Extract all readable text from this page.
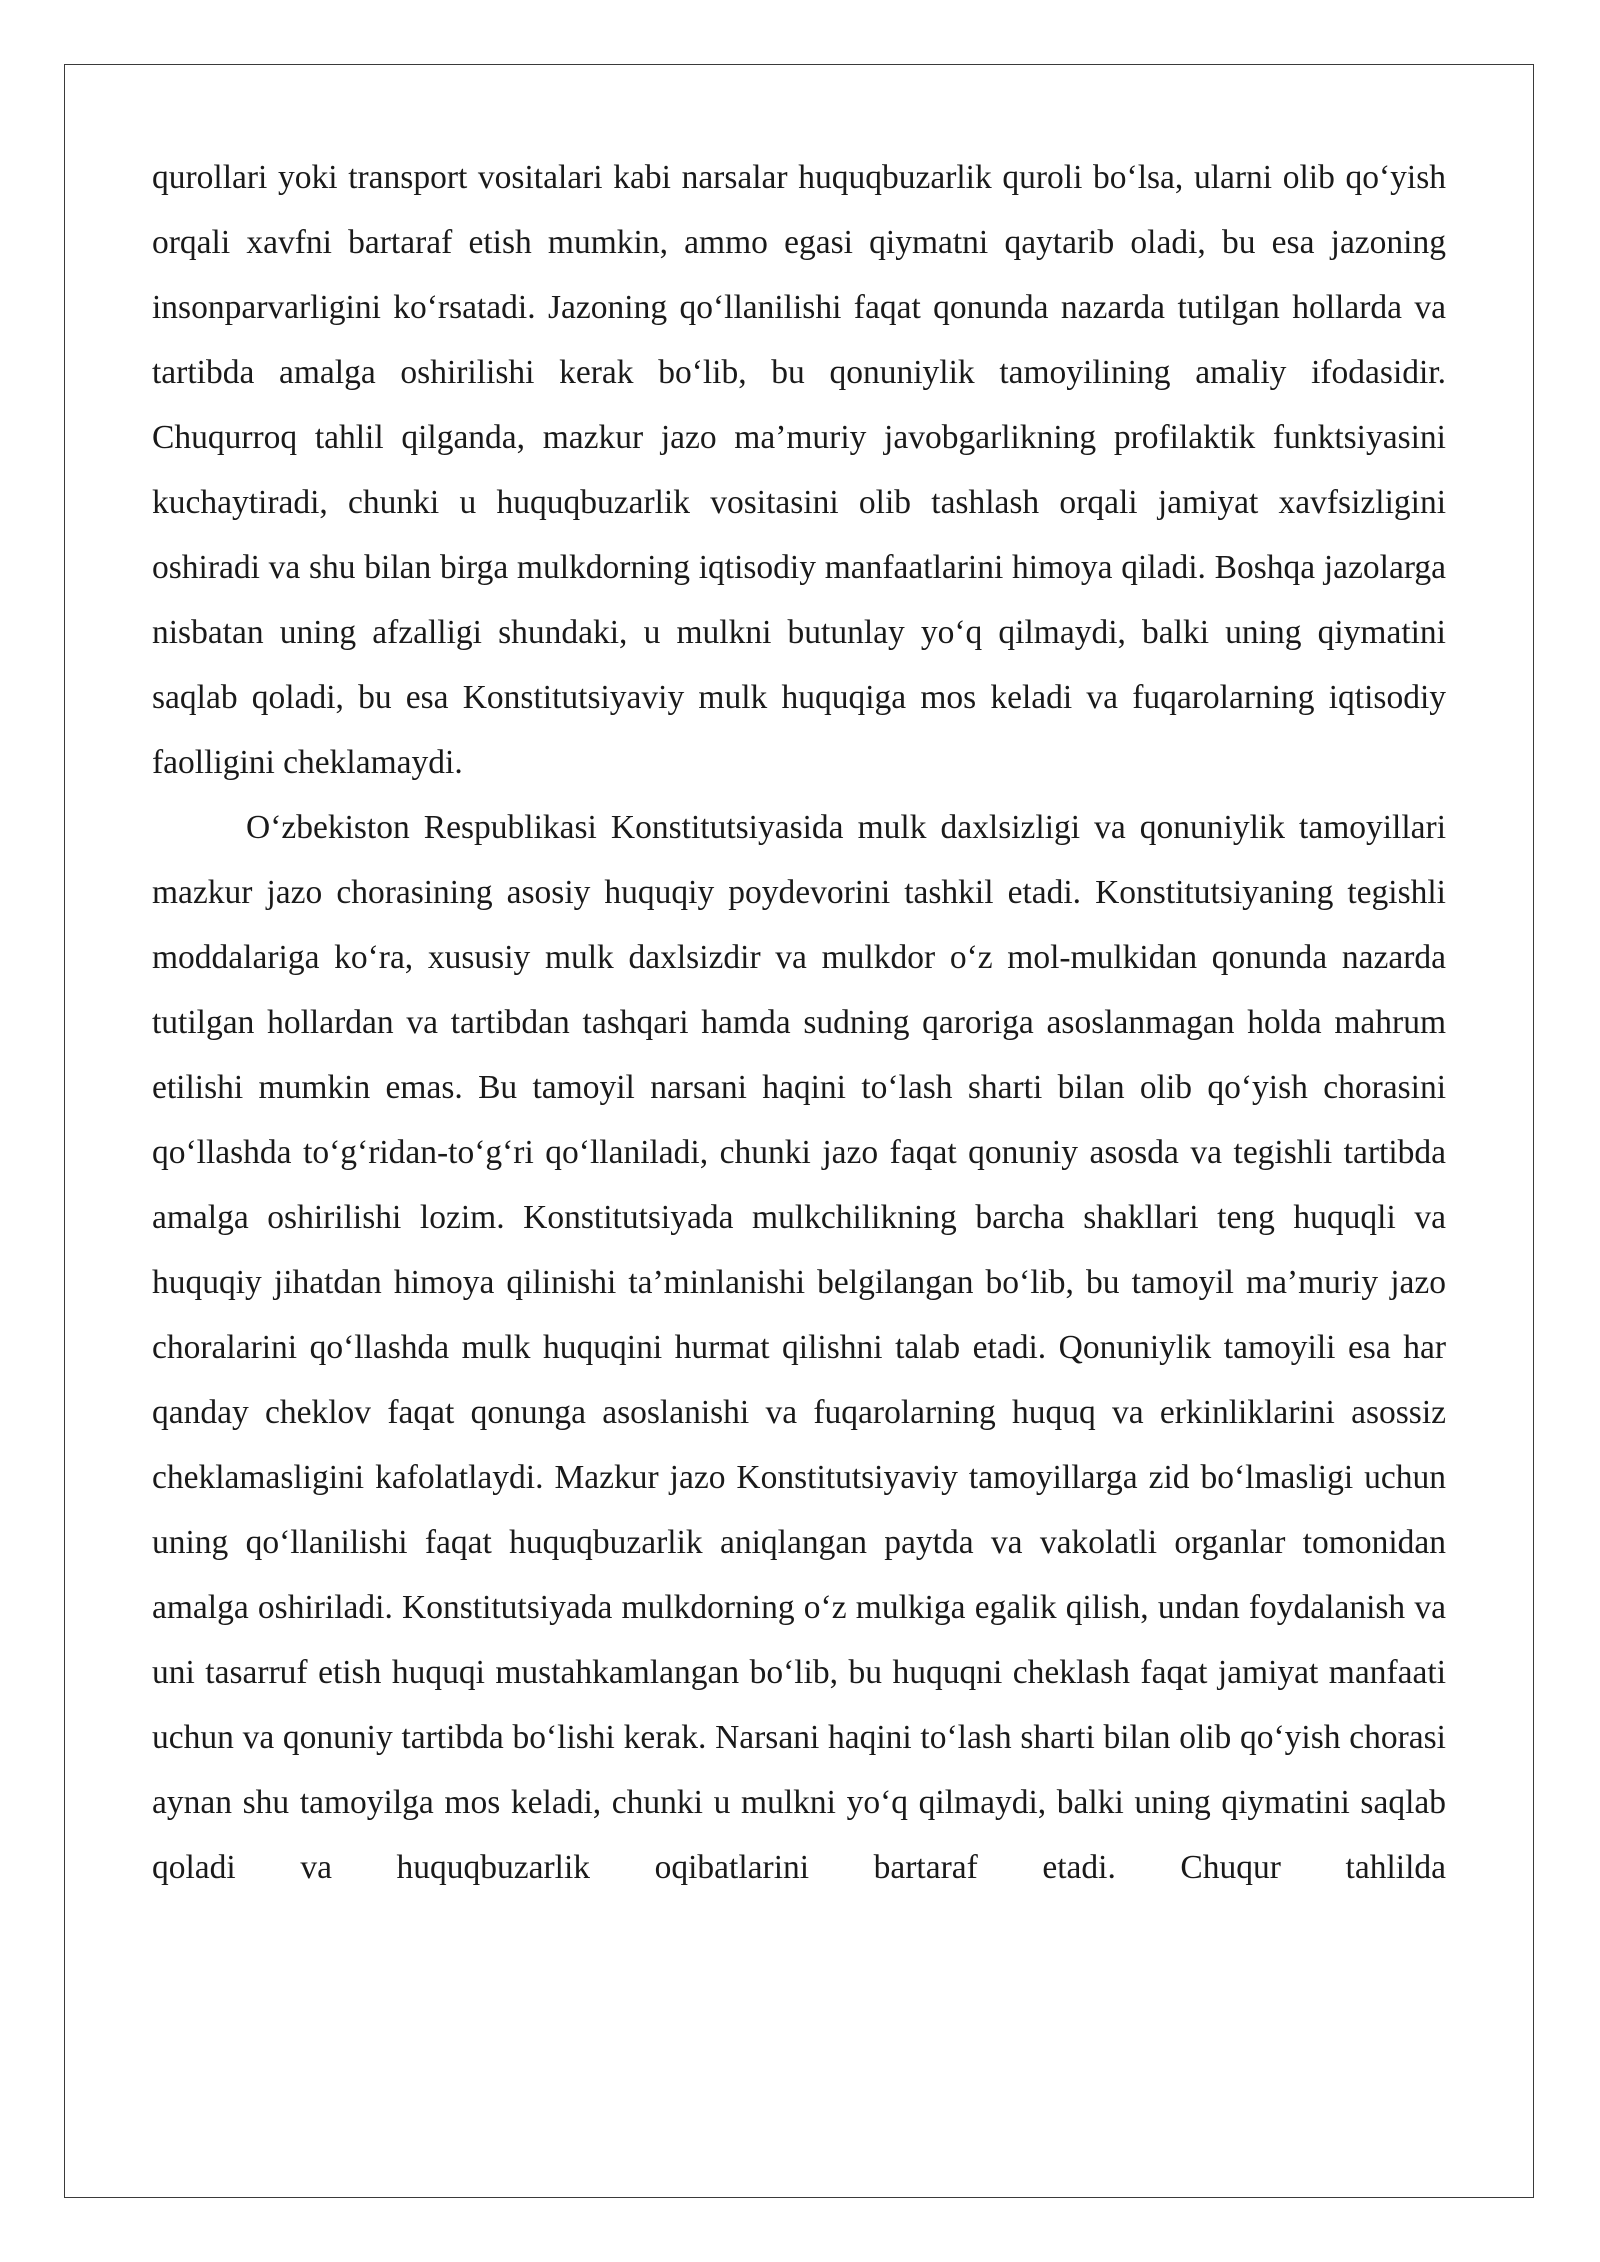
qurollari yoki transport vositalari kabi narsalar huquqbuzarlik quroli bo‘lsa, ularni olib qo‘yish orqali xavfni bartaraf etish mumkin, ammo egasi qiymatni qaytarib oladi, bu esa jazoning insonparvarligini ko‘rsatadi. Jazoning qo‘llanilishi faqat qonunda nazarda tutilgan hollarda va tartibda amalga oshirilishi kerak bo‘lib, bu qonuniylik tamoyilining amaliy ifodasidir. Chuqurroq tahlil qilganda, mazkur jazo ma’muriy javobgarlikning profilaktik funktsiyasini kuchaytiradi, chunki u huquqbuzarlik vositasini olib tashlash orqali jamiyat xavfsizligini oshiradi va shu bilan birga mulkdorning iqtisodiy manfaatlarini himoya qiladi. Boshqa jazolarga nisbatan uning afzalligi shundaki, u mulkni butunlay yo‘q qilmaydi, balki uning qiymatini saqlab qoladi, bu esa Konstitutsiyaviy mulk huquqiga mos keladi va fuqarolarning iqtisodiy faolligini cheklamaydi.

O‘zbekiston Respublikasi Konstitutsiyasida mulk daxlsizligi va qonuniylik tamoyillari mazkur jazo chorasining asosiy huquqiy poydevorini tashkil etadi. Konstitutsiyaning tegishli moddalariga ko‘ra, xususiy mulk daxlsizdir va mulkdor o‘z mol-mulkidan qonunda nazarda tutilgan hollardan va tartibdan tashqari hamda sudning qaroriga asoslanmagan holda mahrum etilishi mumkin emas. Bu tamoyil narsani haqini to‘lash sharti bilan olib qo‘yish chorasini qo‘llashda to‘g‘ridan-to‘g‘ri qo‘llaniladi, chunki jazo faqat qonuniy asosda va tegishli tartibda amalga oshirilishi lozim. Konstitutsiyada mulkchilikning barcha shakllari teng huquqli va huquqiy jihatdan himoya qilinishi ta’minlanishi belgilangan bo‘lib, bu tamoyil ma’muriy jazo choralarini qo‘llashda mulk huquqini hurmat qilishni talab etadi. Qonuniylik tamoyili esa har qanday cheklov faqat qonunga asoslanishi va fuqarolarning huquq va erkinliklarini asossiz cheklamasligini kafolatlaydi. Mazkur jazo Konstitutsiyaviy tamoyillarga zid bo‘lmasligi uchun uning qo‘llanilishi faqat huquqbuzarlik aniqlangan paytda va vakolatli organlar tomonidan amalga oshiriladi. Konstitutsiyada mulkdorning o‘z mulkiga egalik qilish, undan foydalanish va uni tasarruf etish huquqi mustahkamlangan bo‘lib, bu huquqni cheklash faqat jamiyat manfaati uchun va qonuniy tartibda bo‘lishi kerak. Narsani haqini to‘lash sharti bilan olib qo‘yish chorasi aynan shu tamoyilga mos keladi, chunki u mulkni yo‘q qilmaydi, balki uning qiymatini saqlab qoladi va huquqbuzarlik oqibatlarini bartaraf etadi. Chuqur tahlilda
